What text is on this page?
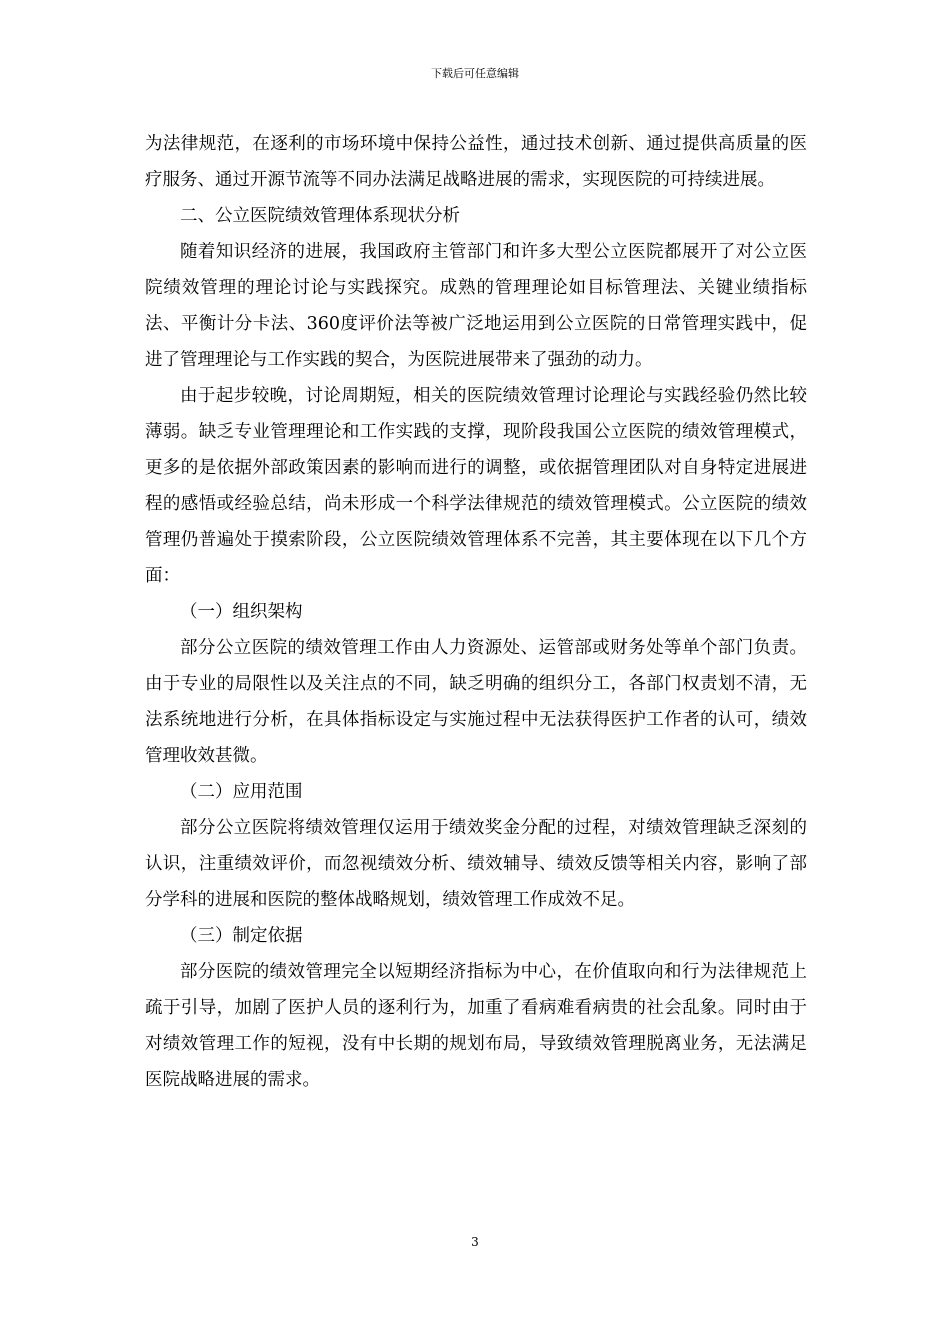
下载后可任意编辑

为法律规范，在逐利的市场环境中保持公益性，通过技术创新、通过提供高质量的医疗服务、通过开源节流等不同办法满足战略进展的需求，实现医院的可持续进展。

二、公立医院绩效管理体系现状分析

随着知识经济的进展，我国政府主管部门和许多大型公立医院都展开了对公立医院绩效管理的理论讨论与实践探究。成熟的管理理论如目标管理法、关键业绩指标法、平衡计分卡法、360度评价法等被广泛地运用到公立医院的日常管理实践中，促进了管理理论与工作实践的契合，为医院进展带来了强劲的动力。

由于起步较晚，讨论周期短，相关的医院绩效管理讨论理论与实践经验仍然比较薄弱。缺乏专业管理理论和工作实践的支撑，现阶段我国公立医院的绩效管理模式，更多的是依据外部政策因素的影响而进行的调整，或依据管理团队对自身特定进展进程的感悟或经验总结，尚未形成一个科学法律规范的绩效管理模式。公立医院的绩效管理仍普遍处于摸索阶段，公立医院绩效管理体系不完善，其主要体现在以下几个方面：

（一）组织架构

部分公立医院的绩效管理工作由人力资源处、运管部或财务处等单个部门负责。由于专业的局限性以及关注点的不同，缺乏明确的组织分工，各部门权责划不清，无法系统地进行分析，在具体指标设定与实施过程中无法获得医护工作者的认可，绩效管理收效甚微。

（二）应用范围

部分公立医院将绩效管理仅运用于绩效奖金分配的过程，对绩效管理缺乏深刻的认识，注重绩效评价，而忽视绩效分析、绩效辅导、绩效反馈等相关内容，影响了部分学科的进展和医院的整体战略规划，绩效管理工作成效不足。

（三）制定依据

部分医院的绩效管理完全以短期经济指标为中心，在价值取向和行为法律规范上疏于引导，加剧了医护人员的逐利行为，加重了看病难看病贵的社会乱象。同时由于对绩效管理工作的短视，没有中长期的规划布局，导致绩效管理脱离业务，无法满足医院战略进展的需求。

3
